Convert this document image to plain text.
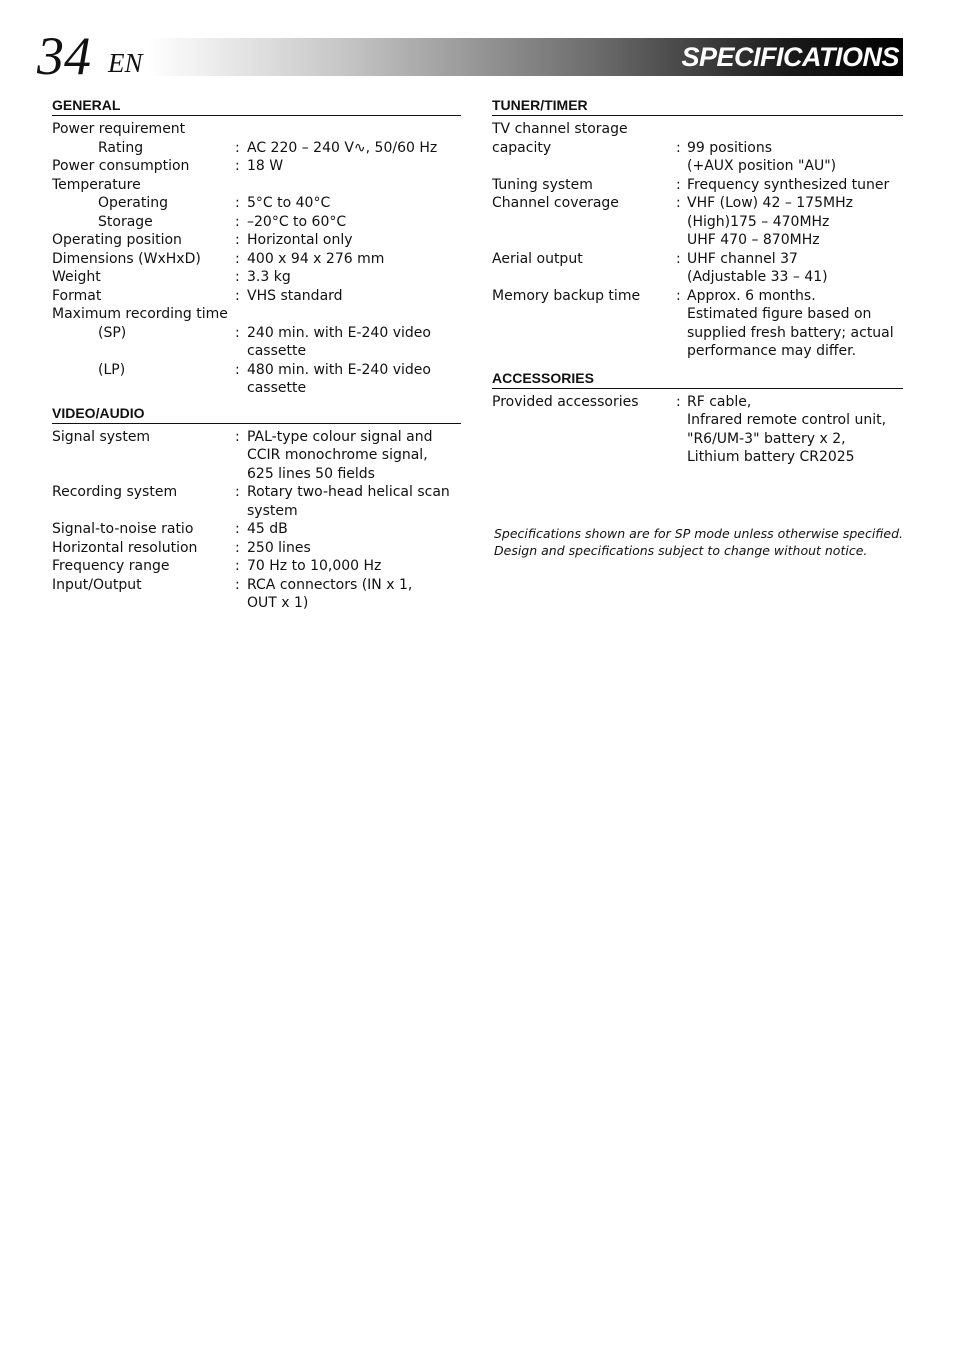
34 EN	SPECIFICATIONS
GENERAL
Power requirement
Rating	: AC 220 – 240 V∿, 50/60 Hz
Power consumption	: 18 W
Temperature
Operating	: 5°C to 40°C
Storage	: –20°C to 60°C
Operating position	: Horizontal only
Dimensions (WxHxD) : 400 x 94 x 276 mm
Weight	: 3.3 kg
Format	: VHS standard
Maximum recording time
(SP)	: 240 min. with E-240 video
cassette
(LP)	: 480 min. with E-240 video
cassette
VIDEO/AUDIO
Signal system	: PAL-type colour signal and
CCIR monochrome signal,
625 lines 50 fields
Recording system	: Rotary two-head helical scan
system
Signal-to-noise ratio	: 45 dB
Horizontal resolution	: 250 lines
Frequency range	: 70 Hz to 10,000 Hz
Input/Output	: RCA connectors (IN x 1,
OUT x 1)
TUNER/TIMER
TV channel storage
capacity	: 99 positions
(+AUX position "AU")
Tuning system	: Frequency synthesized tuner
Channel coverage	: VHF (Low) 42 – 175MHz
(High)175 – 470MHz
UHF 470 – 870MHz
Aerial output	: UHF channel 37
(Adjustable 33 – 41)
Memory backup time	: Approx. 6 months.
Estimated figure based on
supplied fresh battery; actual
performance may differ.
ACCESSORIES
Provided accessories	: RF cable,
Infrared remote control unit,
"R6/UM-3" battery x 2,
Lithium battery CR2025
Specifications shown are for SP mode unless otherwise specified.
Design and specifications subject to change without notice.
